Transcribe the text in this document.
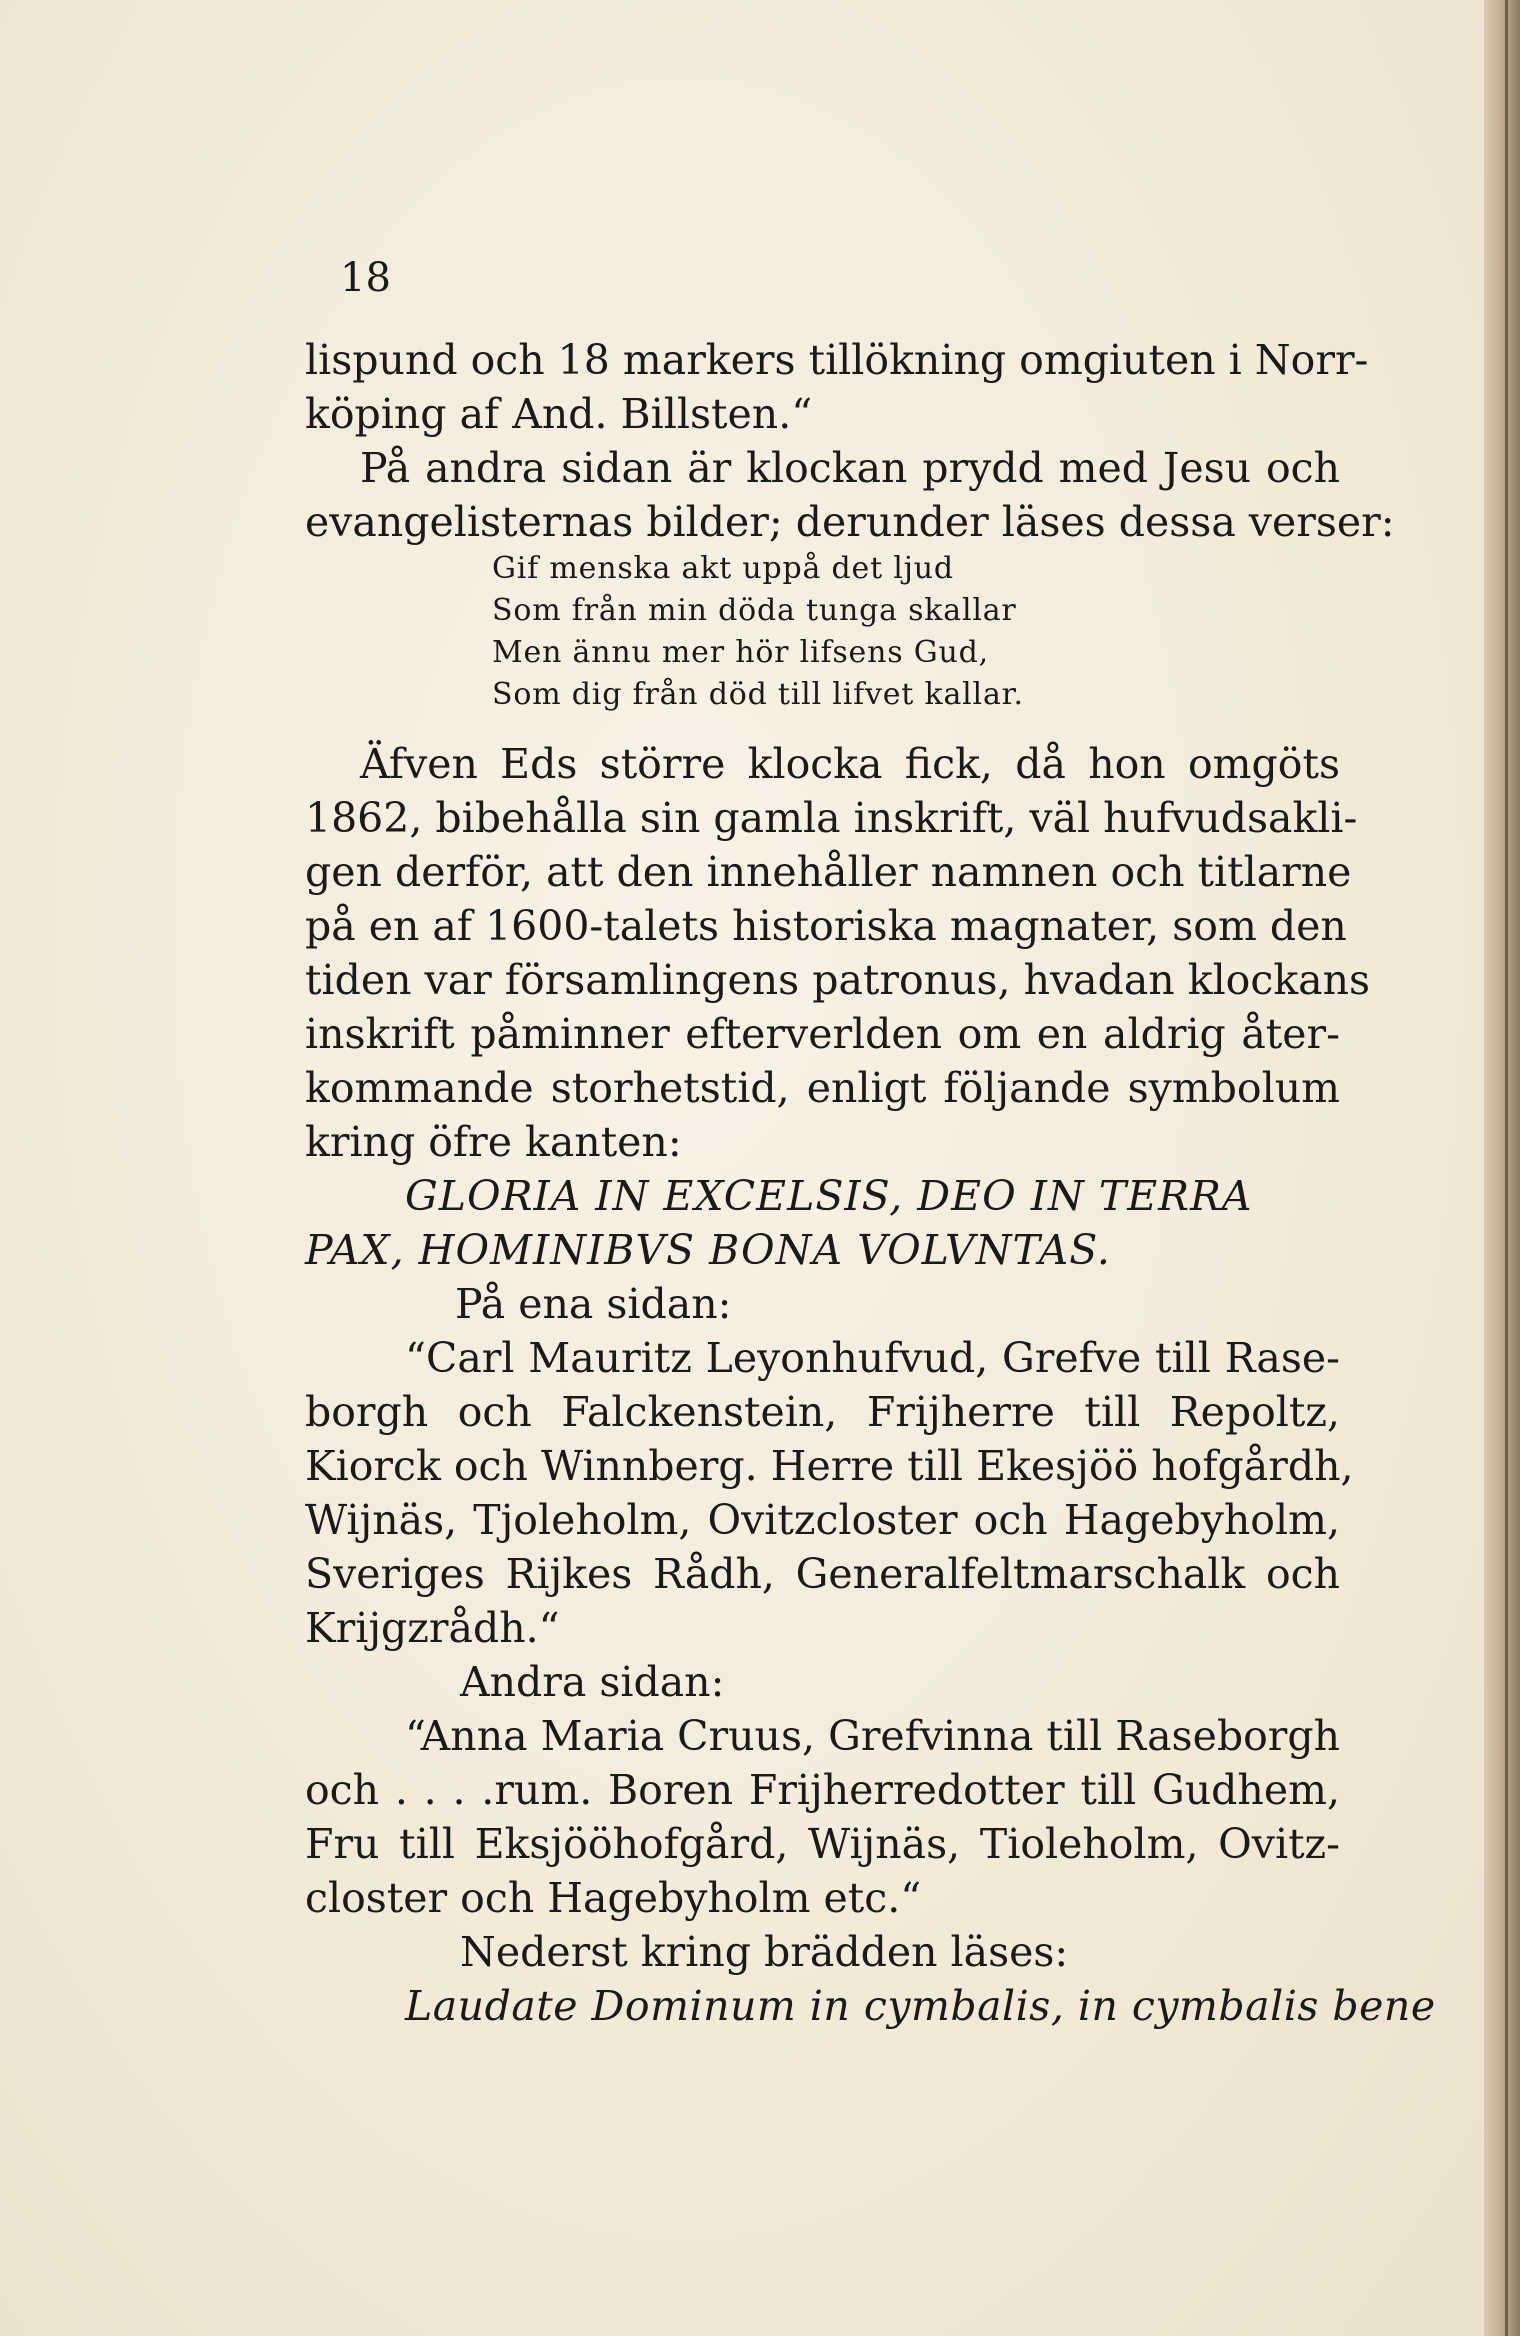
18
lispund och 18 markers tillökning omgiuten i Norr-
köping af And. Billsten.“
På andra sidan är klockan prydd med Jesu och
evangelisternas bilder; derunder läses dessa verser:
Gif menska akt uppå det ljud
Som från min döda tunga skallar
Men ännu mer hör lifsens Gud,
Som dig från död till lifvet kallar.
Äfven Eds större klocka fick, då hon omgöts
1862, bibehålla sin gamla inskrift, väl hufvudsakli-
gen derför, att den innehåller namnen och titlarne
på en af 1600-talets historiska magnater, som den
tiden var församlingens patronus, hvadan klockans
inskrift påminner efterverlden om en aldrig åter-
kommande storhetstid, enligt följande symbolum
kring öfre kanten:
GLORIA IN EXCELSIS, DEO IN TERRA
PAX, HOMINIBVS BONA VOLVNTAS.
På ena sidan:
“Carl Mauritz Leyonhufvud, Grefve till Rase-
borgh och Falckenstein, Frijherre till Repoltz,
Kiorck och Winnberg. Herre till Ekesjöö hofgårdh,
Wijnäs, Tjoleholm, Ovitzcloster och Hagebyholm,
Sveriges Rijkes Rådh, Generalfeltmarschalk och
Krijgzrådh.“
Andra sidan:
“Anna Maria Cruus, Grefvinna till Raseborgh
och . . . .rum. Boren Frijherredotter till Gudhem,
Fru till Eksjööhofgård, Wijnäs, Tioleholm, Ovitz-
closter och Hagebyholm etc.“
Nederst kring brädden läses:
Laudate Dominum in cymbalis, in cymbalis bene
